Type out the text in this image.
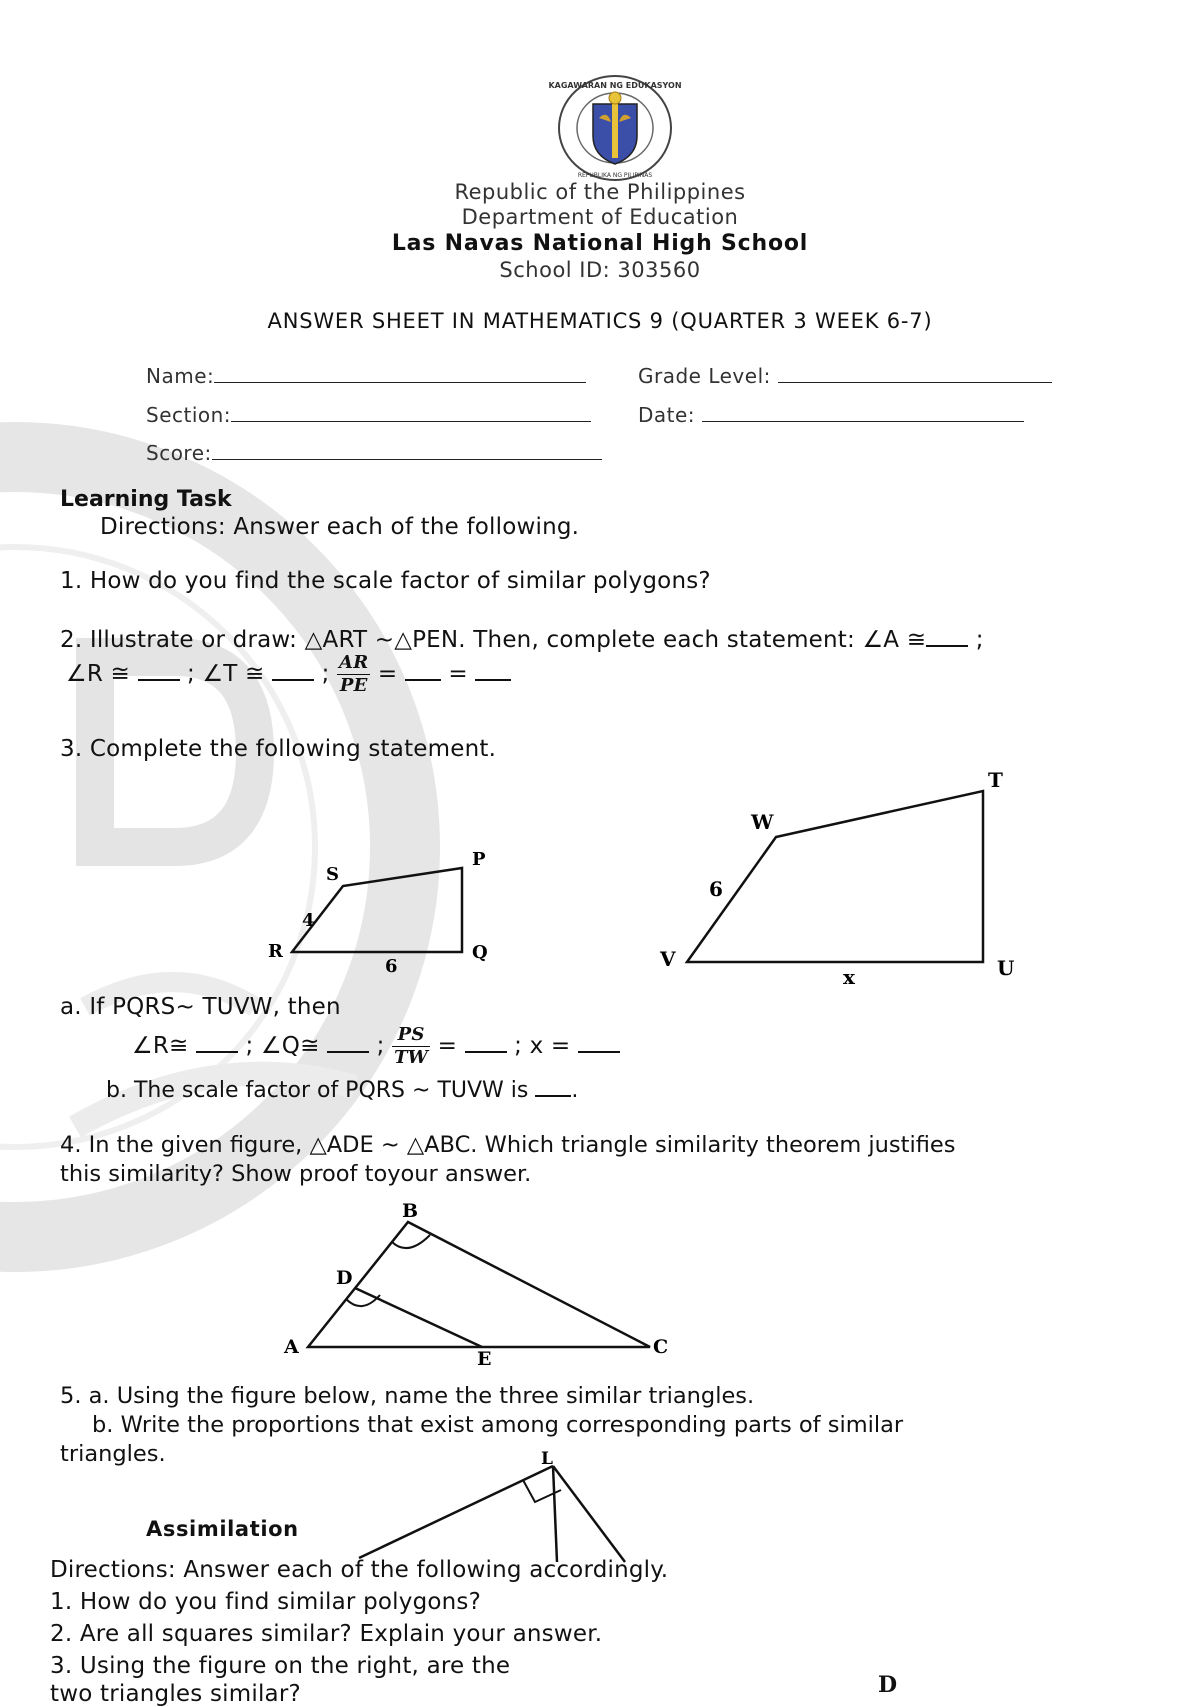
KAGAWARAN NG EDUKASYON
REPUBLIKA NG PILIPINAS
Republic of the Philippines
Department of Education
Las Navas National High School
School ID: 303560
ANSWER SHEET IN MATHEMATICS 9 (QUARTER 3 WEEK 6-7)
Name:	Grade Level:
Section:	Date:
Score:
Learning Task
Directions: Answer each of the following.
1. How do you find the scale factor of similar polygons?
2. Illustrate or draw: △ART ~△PEN. Then, complete each statement: ∠A ≅ ;
∠R ≅ ; ∠T ≅ ; $\frac{AR}{PE}$ = =
3. Complete the following statement.
R
S
P
Q
4
6	V
W
T
U
6
x
a. If PQRS~ TUVW, then
∠R≅ ; ∠Q≅ ; $\frac{PS}{TW}$ = ; x =
b. The scale factor of PQRS ~ TUVW is .
4. In the given figure, △ADE ~ △ABC. Which triangle similarity theorem justifies
this similarity? Show proof toyour answer.
A
B
C
D
E
5. a. Using the figure below, name the three similar triangles.
b. Write the proportions that exist among corresponding parts of similar
triangles.	L
Assimilation
Directions: Answer each of the following accordingly.
1. How do you find similar polygons?
2. Are all squares similar? Explain your answer.
3. Using the figure on the right, are the
two triangles similar?	D
